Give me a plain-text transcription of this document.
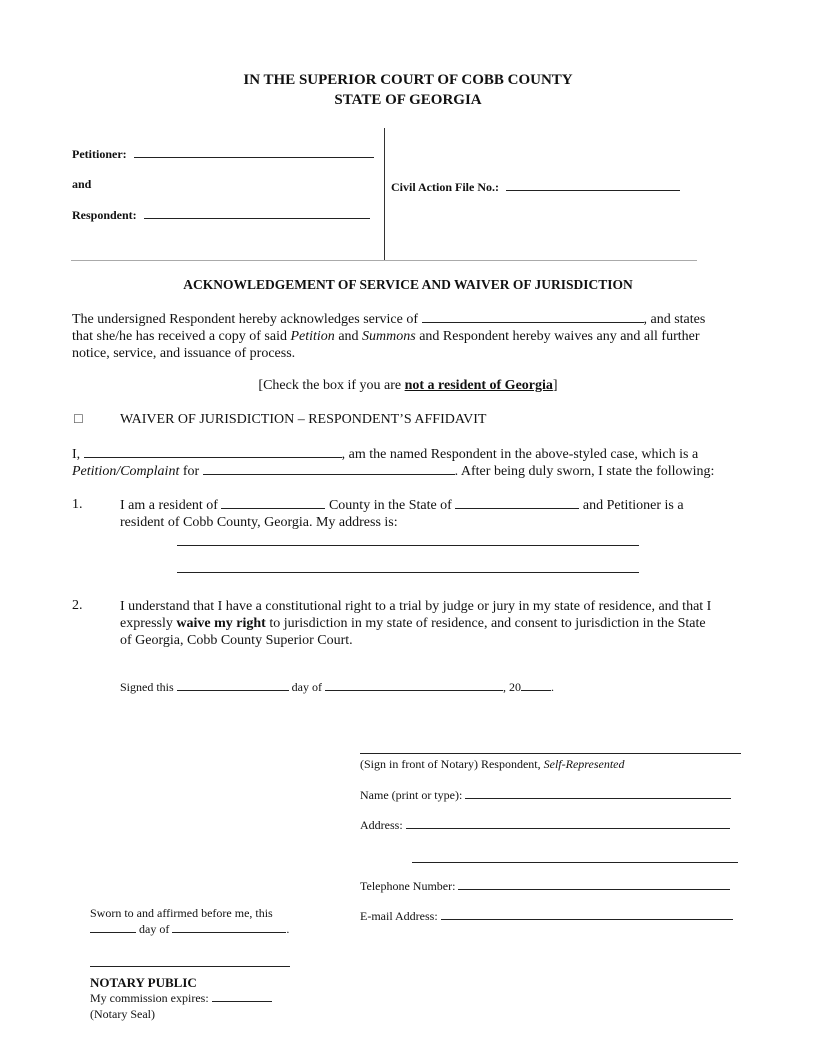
IN THE SUPERIOR COURT OF COBB COUNTY
STATE OF GEORGIA
Petitioner:
and
Respondent:
Civil Action File No.:
ACKNOWLEDGEMENT OF SERVICE AND WAIVER OF JURISDICTION
The undersigned Respondent hereby acknowledges service of	, and states
that she/he has received a copy of said Petition and Summons and Respondent hereby waives any and all further
notice, service, and issuance of process.
[Check the box if you are not a resident of Georgia]
☐	WAIVER OF JURISDICTION – RESPONDENT’S AFFIDAVIT
I,	, am the named Respondent in the above-styled case, which is a
Petition/Complaint for	. After being duly sworn, I state the following:
1.	I am a resident of	County in the State of	and Petitioner is a
resident of Cobb County, Georgia. My address is:
2.	I understand that I have a constitutional right to a trial by judge or jury in my state of residence, and that I
expressly waive my right to jurisdiction in my state of residence, and consent to jurisdiction in the State
of Georgia, Cobb County Superior Court.
Signed this	day of	, 20	.
(Sign in front of Notary) Respondent, Self-Represented
Name (print or type):
Address:
Telephone Number:
E-mail Address:
Sworn to and affirmed before me, this
day of	.
NOTARY PUBLIC
My commission expires:
(Notary Seal)
